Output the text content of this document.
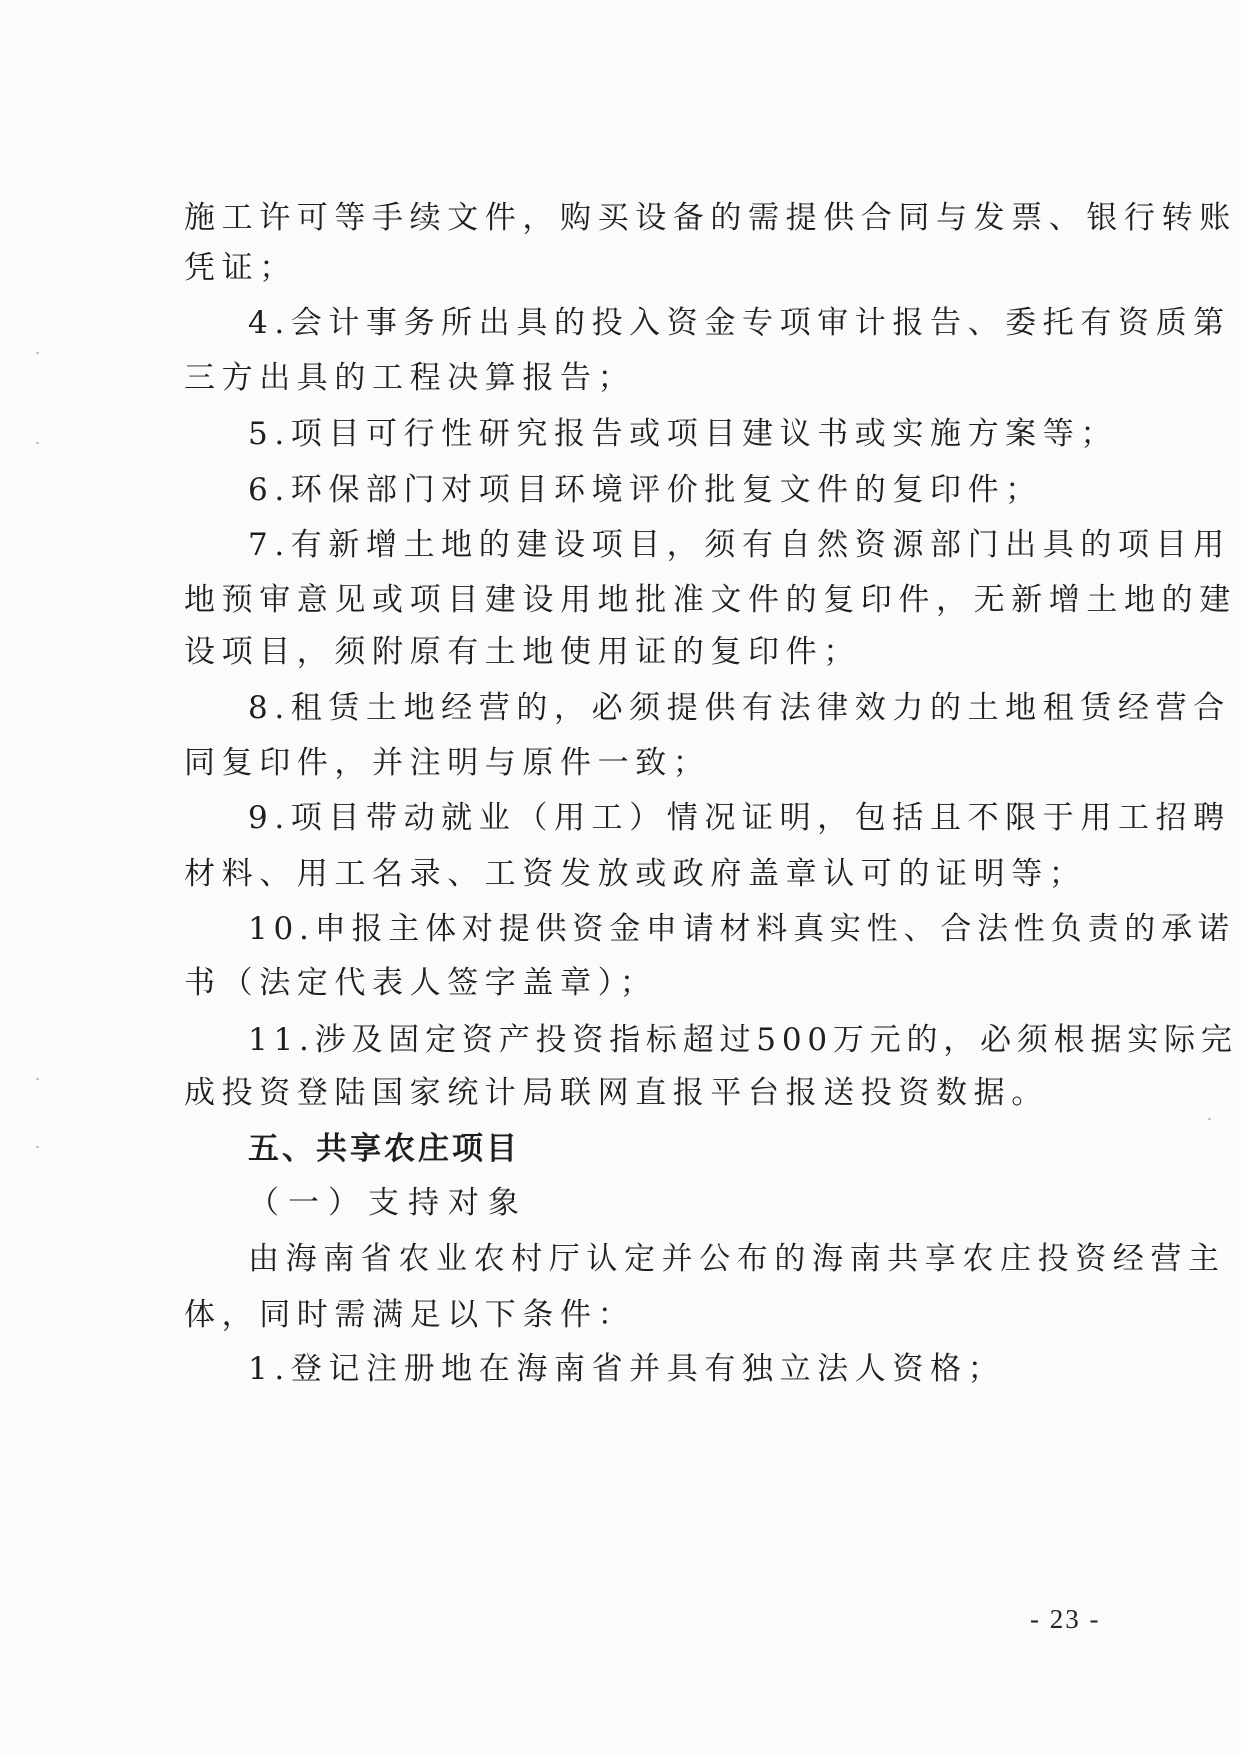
施工许可等手续文件，购买设备的需提供合同与发票、银行转账
凭证；
4.会计事务所出具的投入资金专项审计报告、委托有资质第
三方出具的工程决算报告；
5.项目可行性研究报告或项目建议书或实施方案等；
6.环保部门对项目环境评价批复文件的复印件；
7.有新增土地的建设项目，须有自然资源部门出具的项目用
地预审意见或项目建设用地批准文件的复印件，无新增土地的建
设项目，须附原有土地使用证的复印件；
8.租赁土地经营的，必须提供有法律效力的土地租赁经营合
同复印件，并注明与原件一致；
9.项目带动就业（用工）情况证明，包括且不限于用工招聘
材料、用工名录、工资发放或政府盖章认可的证明等；
10.申报主体对提供资金申请材料真实性、合法性负责的承诺
书（法定代表人签字盖章）；
11.涉及固定资产投资指标超过500万元的，必须根据实际完
成投资登陆国家统计局联网直报平台报送投资数据。
五、共享农庄项目
（一）支持对象
由海南省农业农村厅认定并公布的海南共享农庄投资经营主
体，同时需满足以下条件：
1.登记注册地在海南省并具有独立法人资格；
- 23 -
